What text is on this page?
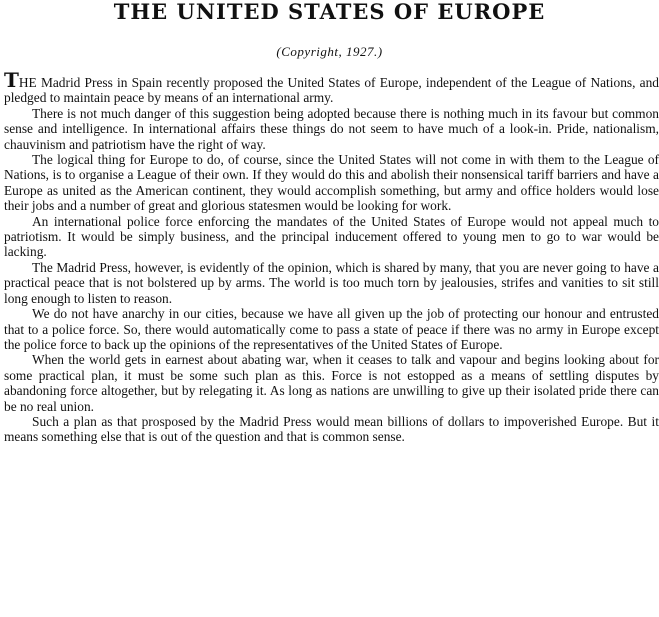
THE UNITED STATES OF EUROPE

(Copyright, 1927.)

THE Madrid Press in Spain recently proposed the United States of Europe, independent of the League of Nations, and pledged to maintain peace by means of an international army.

There is not much danger of this suggestion being adopted because there is nothing much in its favour but common sense and intelligence. In international affairs these things do not seem to have much of a look-in. Pride, nationalism, chauvinism and patriotism have the right of way.

The logical thing for Europe to do, of course, since the United States will not come in with them to the League of Nations, is to organise a League of their own. If they would do this and abolish their nonsensical tariff barriers and have a Europe as united as the American continent, they would accomplish something, but army and office holders would lose their jobs and a number of great and glorious statesmen would be looking for work.

An international police force enforcing the mandates of the United States of Europe would not appeal much to patriotism. It would be simply business, and the principal inducement offered to young men to go to war would be lacking.

The Madrid Press, however, is evidently of the opinion, which is shared by many, that you are never going to have a practical peace that is not bolstered up by arms. The world is too much torn by jealousies, strifes and vanities to sit still long enough to listen to reason.

We do not have anarchy in our cities, because we have all given up the job of protecting our honour and entrusted that to a police force. So, there would automatically come to pass a state of peace if there was no army in Europe except the police force to back up the opinions of the representatives of the United States of Europe.

When the world gets in earnest about abating war, when it ceases to talk and vapour and begins looking about for some practical plan, it must be some such plan as this. Force is not estopped as a means of settling disputes by abandoning force altogether, but by relegating it. As long as nations are unwilling to give up their isolated pride there can be no real union.

Such a plan as that prosposed by the Madrid Press would mean billions of dollars to impoverished Europe. But it means something else that is out of the question and that is common sense.
